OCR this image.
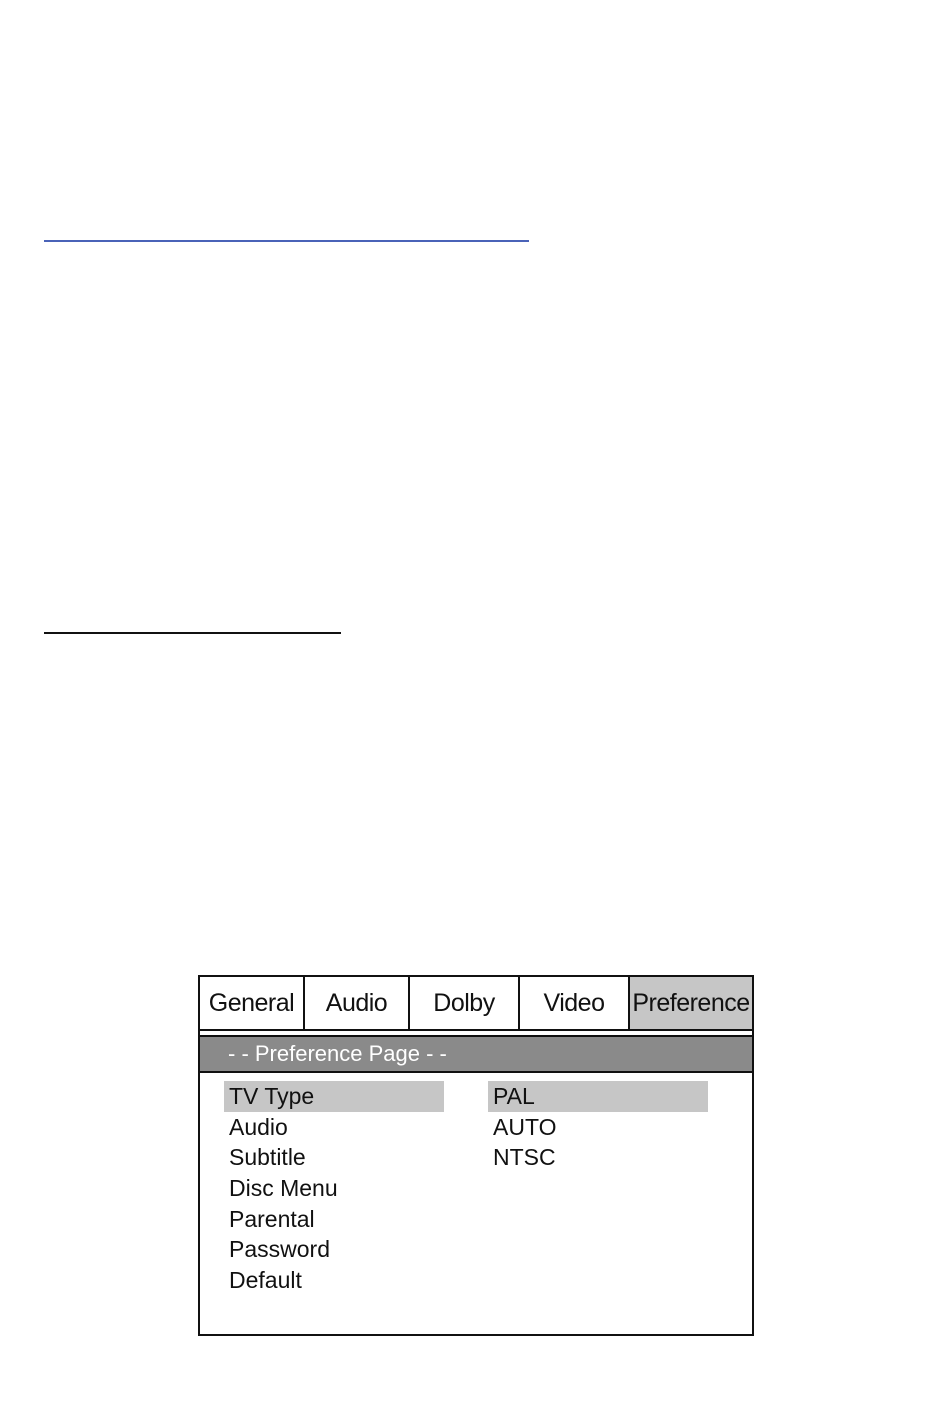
General	Audio	Dolby	Video	Preference
- - Preference Page - -
TV Type
Audio
Subtitle
Disc Menu
Parental
Password
Default
PAL
AUTO
NTSC
